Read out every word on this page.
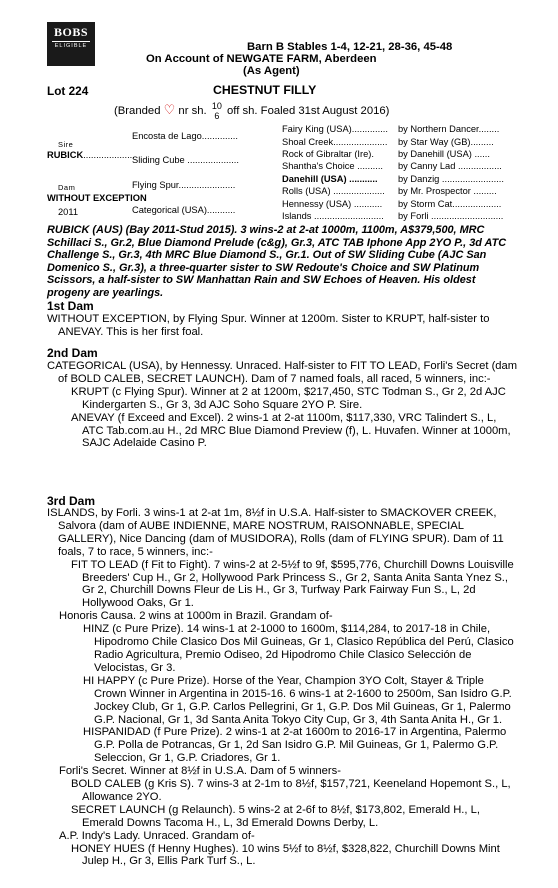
BOBS
ELIGIBLE	Barn B Stables 1-4, 12-21, 28-36, 45-48
On Account of NEWGATE FARM, Aberdeen
(As Agent)
Lot 224	CHESTNUT FILLY
(Branded ♡ nr sh. 10
6 off sh. Foaled 31st August 2016)
Sire
RUBICK....................
Dam
WITHOUT EXCEPTION
2011
Encosta de Lago..............
Sliding Cube ....................
Flying Spur......................
Categorical (USA)...........
Fairy King (USA)..............
Shoal Creek.....................
Rock of Gibraltar (Ire).
Shantha's Choice ..........
Danehill (USA) ...........
Rolls (USA) ....................
Hennessy (USA) ...........
Islands ...........................
by Northern Dancer........
by Star Way (GB).........
by Danehill (USA) ......
by Canny Lad .................
by Danzig ........................
by Mr. Prospector .........
by Storm Cat...................
by Forli ............................
RUBICK (AUS) (Bay 2011-Stud 2015). 3 wins-2 at 2-at 1000m, 1100m, A$379,500, MRC Schillaci S., Gr.2, Blue Diamond Prelude (c&g), Gr.3, ATC TAB Iphone App 2YO P., 3d ATC Challenge S., Gr.3, 4th MRC Blue Diamond S., Gr.1. Out of SW Sliding Cube (AJC San Domenico S., Gr.3), a three-quarter sister to SW Redoute's Choice and SW Platinum Scissors, a half-sister to SW Manhattan Rain and SW Echoes of Heaven. His oldest progeny are yearlings.
1st Dam

WITHOUT EXCEPTION, by Flying Spur. Winner at 1200m. Sister to KRUPT, half-sister to ANEVAY. This is her first foal.

2nd Dam

CATEGORICAL (USA), by Hennessy. Unraced. Half-sister to FIT TO LEAD, Forli's Secret (dam of BOLD CALEB, SECRET LAUNCH). Dam of 7 named foals, all raced, 5 winners, inc:-

KRUPT (c Flying Spur). Winner at 2 at 1200m, $217,450, STC Todman S., Gr 2, 2d AJC Kindergarten S., Gr 3, 3d AJC Soho Square 2YO P. Sire.

ANEVAY (f Exceed and Excel). 2 wins-1 at 2-at 1100m, $117,330, VRC Talindert S., L, ATC Tab.com.au H., 2d MRC Blue Diamond Preview (f), L. Huvafen. Winner at 1000m, SAJC Adelaide Casino P.

3rd Dam

ISLANDS, by Forli. 3 wins-1 at 2-at 1m, 8½f in U.S.A. Half-sister to SMACKOVER CREEK, Salvora (dam of AUBE INDIENNE, MARE NOSTRUM, RAISONNABLE, SPECIAL GALLERY), Nice Dancing (dam of MUSIDORA), Rolls (dam of FLYING SPUR). Dam of 11 foals, 7 to race, 5 winners, inc:-

FIT TO LEAD (f Fit to Fight). 7 wins-2 at 2-5½f to 9f, $595,776, Churchill Downs Louisville Breeders' Cup H., Gr 2, Hollywood Park Princess S., Gr 2, Santa Anita Santa Ynez S., Gr 2, Churchill Downs Fleur de Lis H., Gr 3, Turfway Park Fairway Fun S., L, 2d Hollywood Oaks, Gr 1.

Honoris Causa. 2 wins at 1000m in Brazil. Grandam of-

HINZ (c Pure Prize). 14 wins-1 at 2-1000 to 1600m, $114,284, to 2017-18 in Chile, Hipodromo Chile Clasico Dos Mil Guineas, Gr 1, Clasico República del Perú, Clasico Radio Agricultura, Premio Odiseo, 2d Hipodromo Chile Clasico Selección de Velocistas, Gr 3.

HI HAPPY (c Pure Prize). Horse of the Year, Champion 3YO Colt, Stayer & Triple Crown Winner in Argentina in 2015-16. 6 wins-1 at 2-1600 to 2500m, San Isidro G.P. Jockey Club, Gr 1, G.P. Carlos Pellegrini, Gr 1, G.P. Dos Mil Guineas, Gr 1, Palermo G.P. Nacional, Gr 1, 3d Santa Anita Tokyo City Cup, Gr 3, 4th Santa Anita H., Gr 1.

HISPANIDAD (f Pure Prize). 2 wins-1 at 2-at 1600m to 2016-17 in Argentina, Palermo G.P. Polla de Potrancas, Gr 1, 2d San Isidro G.P. Mil Guineas, Gr 1, Palermo G.P. Seleccion, Gr 1, G.P. Criadores, Gr 1.

Forli's Secret. Winner at 8½f in U.S.A. Dam of 5 winners-

BOLD CALEB (g Kris S). 7 wins-3 at 2-1m to 8½f, $157,721, Keeneland Hopemont S., L, Allowance 2YO.

SECRET LAUNCH (g Relaunch). 5 wins-2 at 2-6f to 8½f, $173,802, Emerald H., L, Emerald Downs Tacoma H., L, 3d Emerald Downs Derby, L.

A.P. Indy's Lady. Unraced. Grandam of-

HONEY HUES (f Henny Hughes). 10 wins 5½f to 8½f, $328,822, Churchill Downs Mint Julep H., Gr 3, Ellis Park Turf S., L.
